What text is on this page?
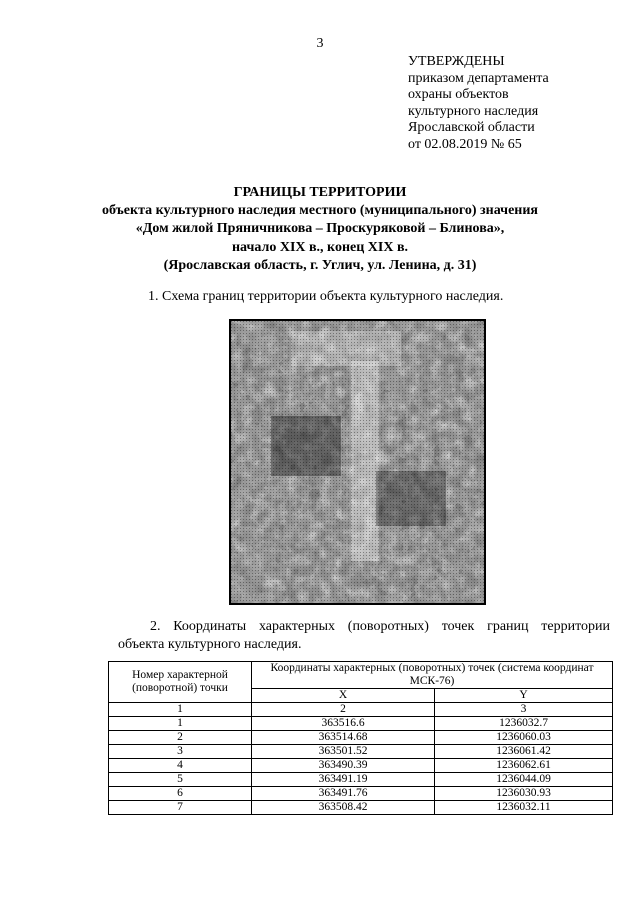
3
УТВЕРЖДЕНЫ
приказом департамента
охраны объектов
культурного наследия
Ярославской области
от 02.08.2019 № 65
ГРАНИЦЫ ТЕРРИТОРИИ
объекта культурного наследия местного (муниципального) значения
«Дом жилой Пряничникова – Проскуряковой – Блинова»,
начало XIX в., конец XIX в.
(Ярославская область, г. Углич, ул. Ленина, д. 31)
1. Схема границ территории объекта культурного наследия.
2. Координаты характерных (поворотных) точек границ территории
объекта культурного наследия.
Номер характерной (поворотной) точки	Координаты характерных (поворотных) точек (система координат МСК-76)	
	X	Y
1	2	3
1	363516.6	1236032.7
2	363514.68	1236060.03
3	363501.52	1236061.42
4	363490.39	1236062.61
5	363491.19	1236044.09
6	363491.76	1236030.93
7	363508.42	1236032.11
